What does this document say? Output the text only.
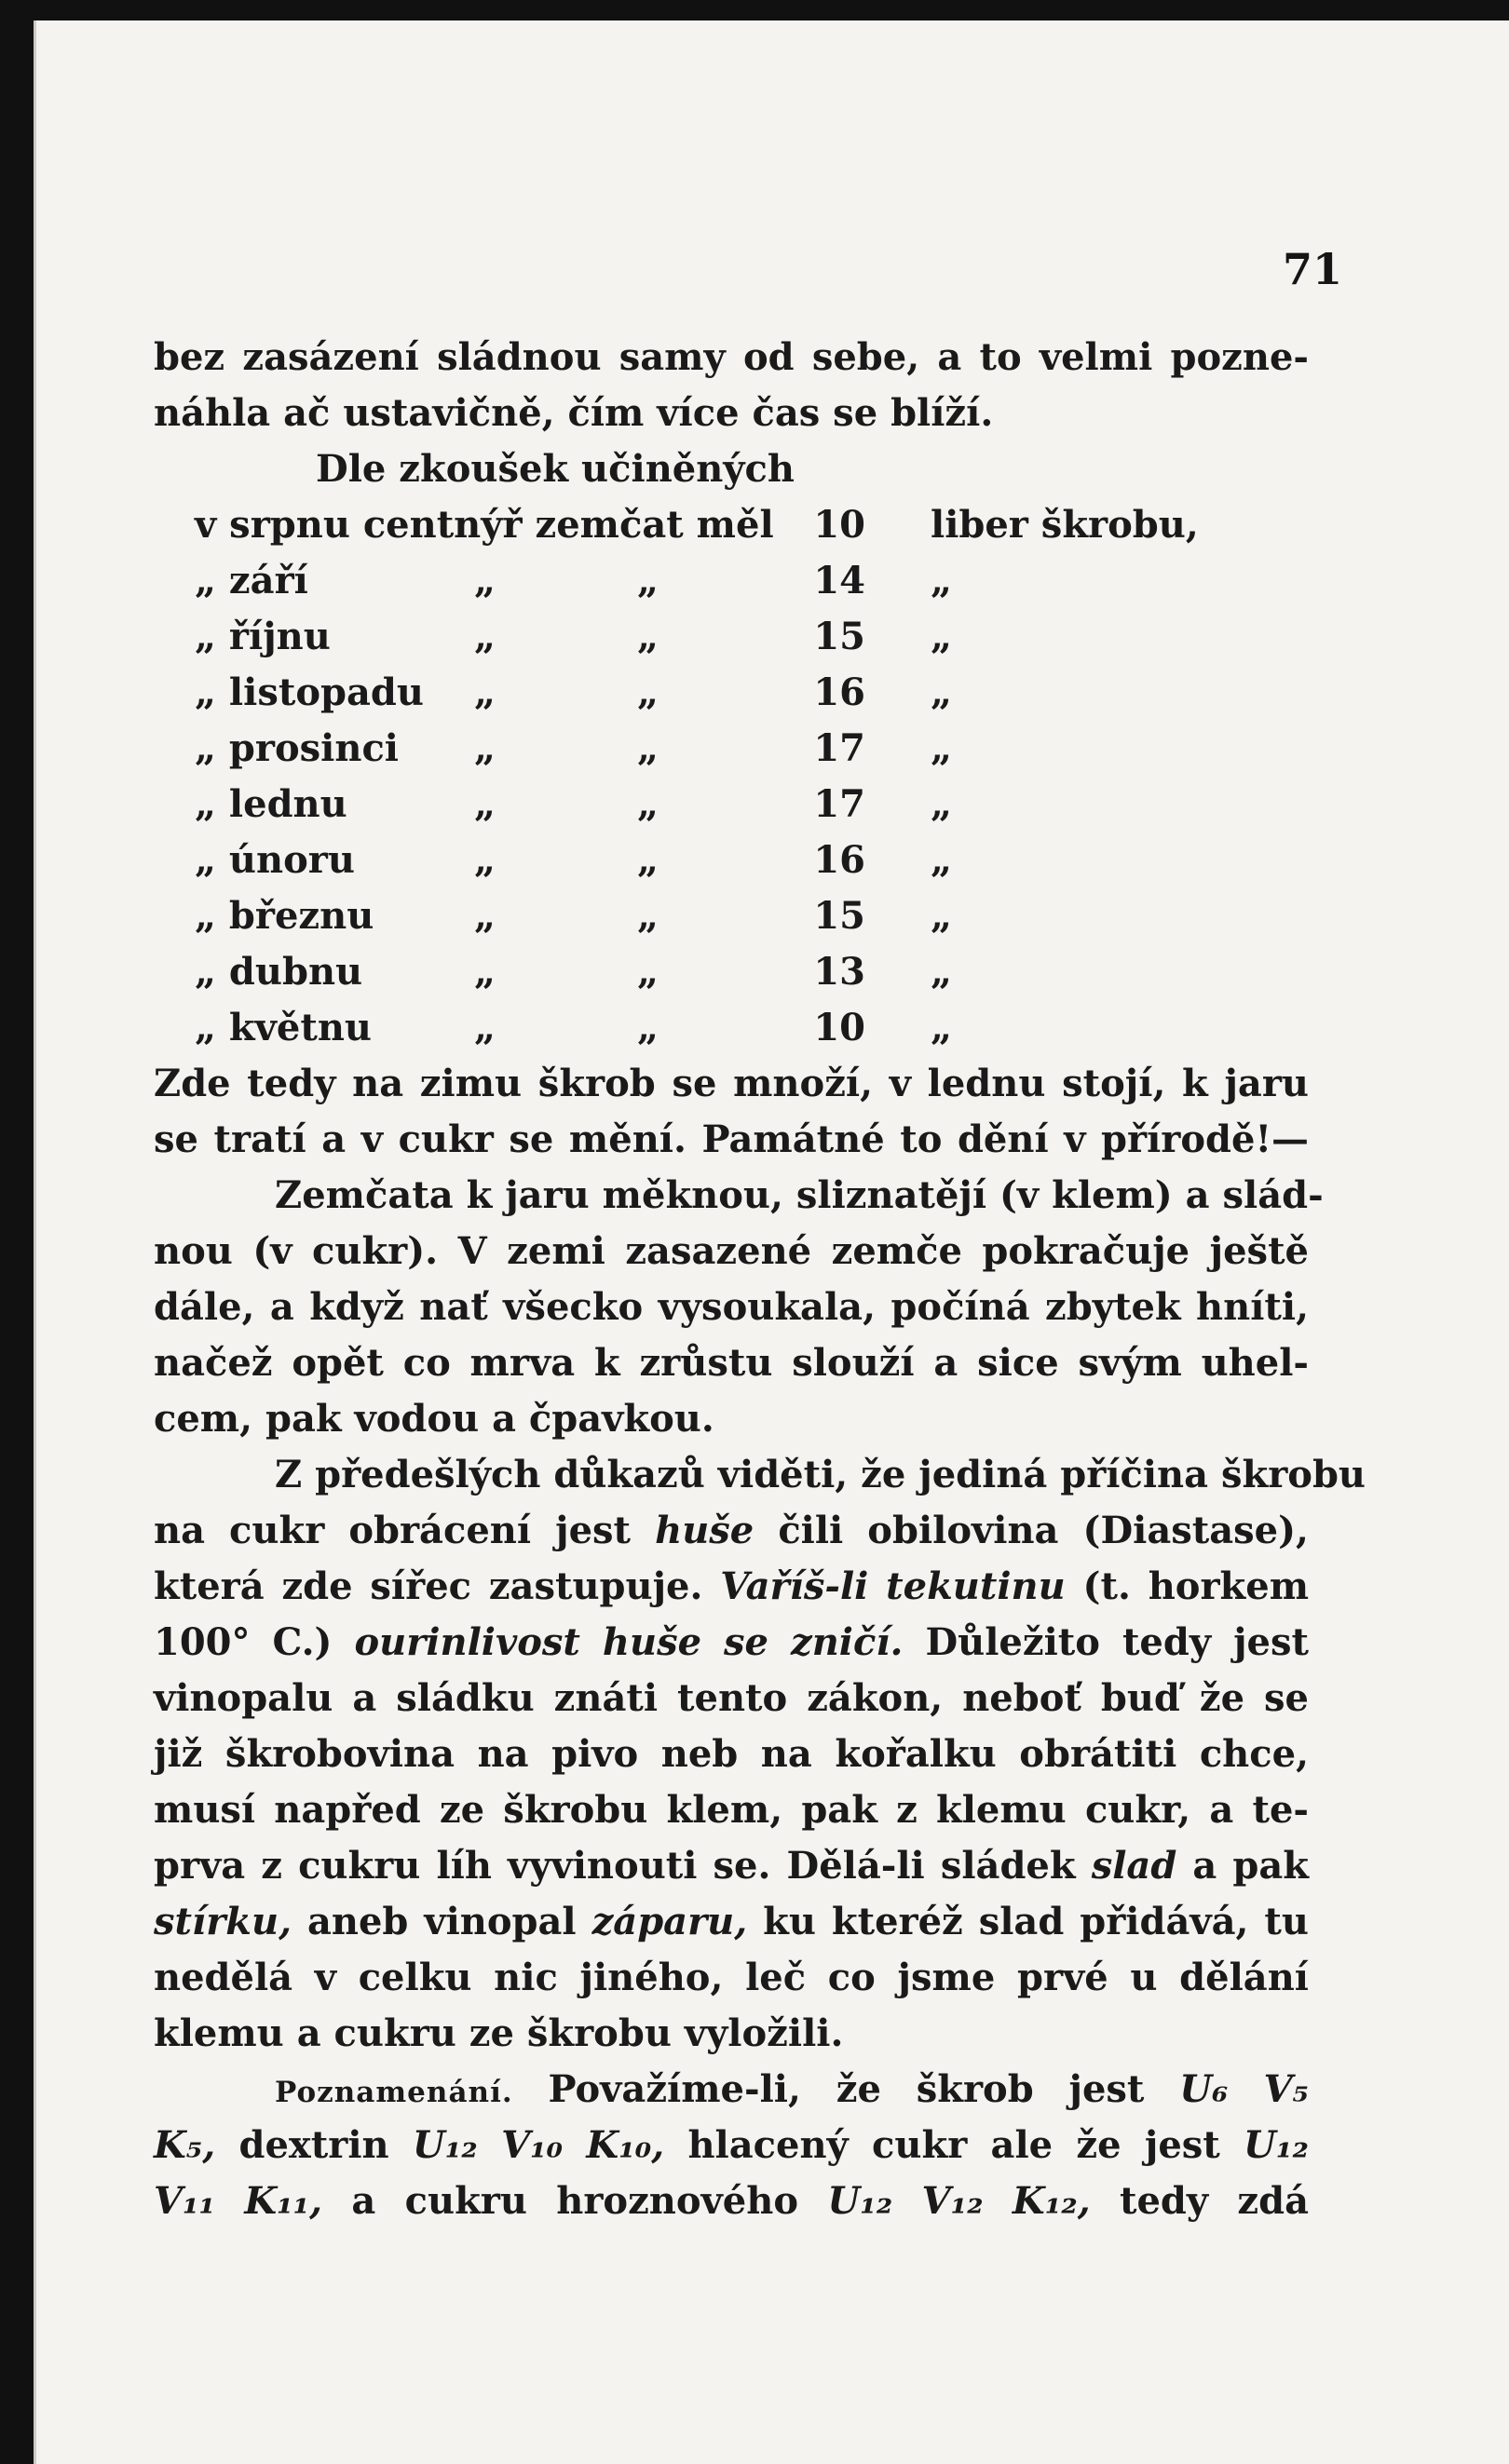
71
bez zasázení sládnou samy od sebe, a to velmi pozne-
náhla ač ustavičně, čím více čas se blíží.
Dle zkoušek učiněných
v srpnu centnýř zemčat měl	10 liber škrobu,
„ září	„	„	14 „
„ říjnu	„	„	15 „
„ listopadu „	„	16 „
„ prosinci „	„	17 „
„ lednu	„	„	17 „
„ únoru	„	„	16 „
„ březnu	„	„	15 „
„ dubnu	„	„	13 „
„ květnu	„	„	10 „
Zde tedy na zimu škrob se množí, v lednu stojí, k jaru
se tratí a v cukr se mění. Památné to dění v přírodě!—
Zemčata k jaru měknou, sliznatějí (v klem) a slád-
nou (v cukr). V zemi zasazené zemče pokračuje ještě
dále, a když nať všecko vysoukala, počíná zbytek hníti,
načež opět co mrva k zrůstu slouží a sice svým uhel-
cem, pak vodou a čpavkou.
Z předešlých důkazů viděti, že jediná příčina škrobu
na cukr obrácení jest huše čili obilovina (Diastase),
která zde sířec zastupuje. Vaříš-li tekutinu (t. horkem
100° C.) ourinlivost huše se zničí. Důležito tedy jest
vinopalu a sládku znáti tento zákon, neboť buď že se
již škrobovina na pivo neb na kořalku obrátiti chce,
musí napřed ze škrobu klem, pak z klemu cukr, a te-
prva z cukru líh vyvinouti se. Dělá-li sládek slad a pak
stírku, aneb vinopal záparu, ku kteréž slad přidává, tu
nedělá v celku nic jiného, leč co jsme prvé u dělání
klemu a cukru ze škrobu vyložili.
Poznamenání. Považíme-li, že škrob jest U₆ V₅
K₅, dextrin U₁₂ V₁₀ K₁₀, hlacený cukr ale že jest U₁₂
V₁₁ K₁₁, a cukru hroznového U₁₂ V₁₂ K₁₂, tedy zdá
